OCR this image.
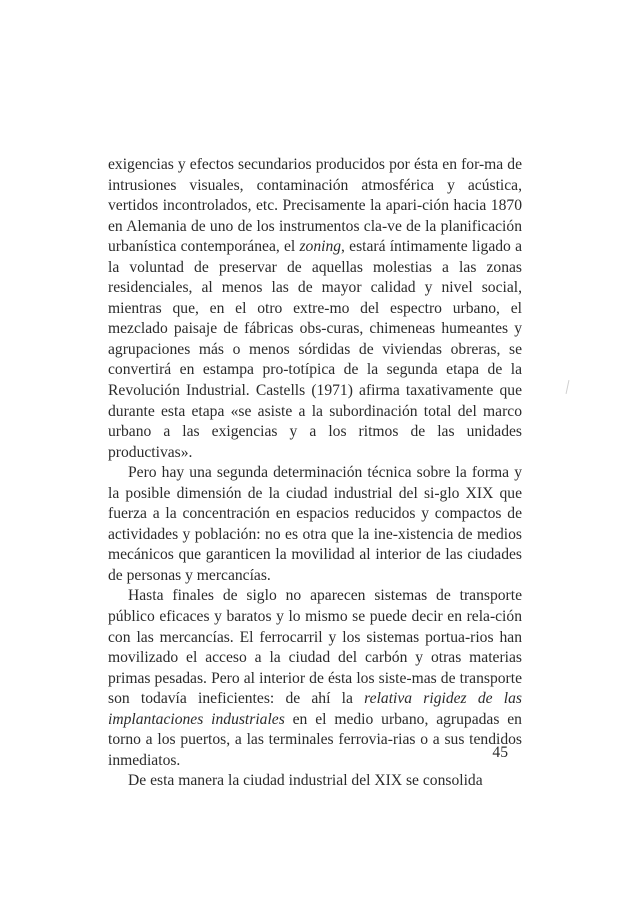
exigencias y efectos secundarios producidos por ésta en for-ma de intrusiones visuales, contaminación atmosférica y acústica, vertidos incontrolados, etc. Precisamente la apari-ción hacia 1870 en Alemania de uno de los instrumentos cla-ve de la planificación urbanística contemporánea, el zoning, estará íntimamente ligado a la voluntad de preservar de aquellas molestias a las zonas residenciales, al menos las de mayor calidad y nivel social, mientras que, en el otro extre-mo del espectro urbano, el mezclado paisaje de fábricas obs-curas, chimeneas humeantes y agrupaciones más o menos sórdidas de viviendas obreras, se convertirá en estampa pro-totípica de la segunda etapa de la Revolución Industrial. Castells (1971) afirma taxativamente que durante esta etapa «se asiste a la subordinación total del marco urbano a las exigencias y a los ritmos de las unidades productivas».

Pero hay una segunda determinación técnica sobre la forma y la posible dimensión de la ciudad industrial del si-glo XIX que fuerza a la concentración en espacios reducidos y compactos de actividades y población: no es otra que la ine-xistencia de medios mecánicos que garanticen la movilidad al interior de las ciudades de personas y mercancías.

Hasta finales de siglo no aparecen sistemas de transporte público eficaces y baratos y lo mismo se puede decir en rela-ción con las mercancías. El ferrocarril y los sistemas portua-rios han movilizado el acceso a la ciudad del carbón y otras materias primas pesadas. Pero al interior de ésta los siste-mas de transporte son todavía ineficientes: de ahí la relativa rigidez de las implantaciones industriales en el medio urbano, agrupadas en torno a los puertos, a las terminales ferrovia-rias o a sus tendidos inmediatos.

De esta manera la ciudad industrial del XIX se consolida

45
